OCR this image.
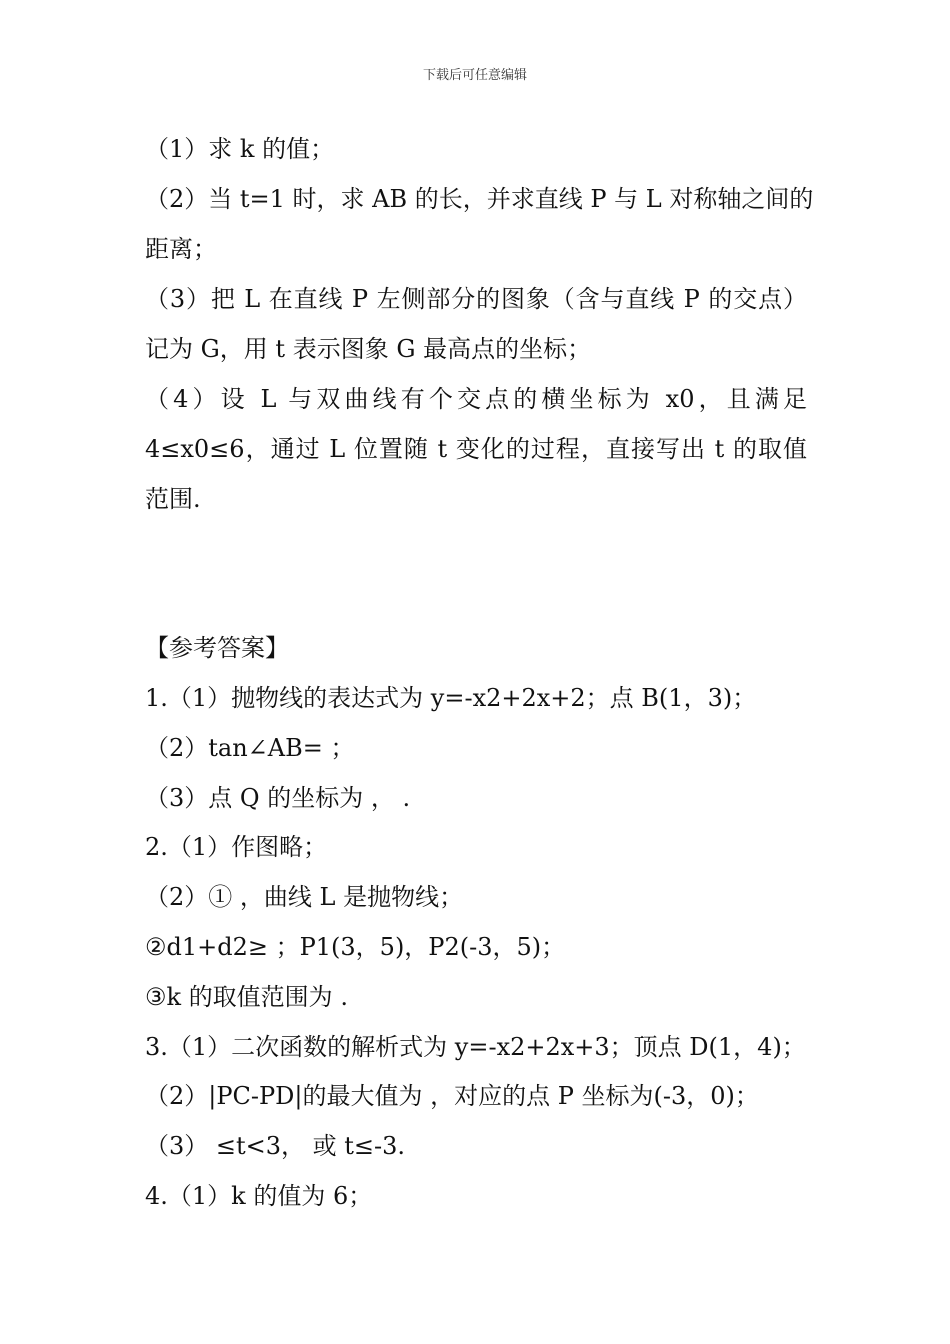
下载后可任意编辑
（1）求 k 的值；
（2）当 t=1 时，求 AB 的长，并求直线 P 与 L 对称轴之间的
距离；
（3）把 L 在直线 P 左侧部分的图象（含与直线 P 的交点）
记为 G，用 t 表示图象 G 最高点的坐标；
（4）设 L 与双曲线有个交点的横坐标为 x0，且满足
4≤x0≤6，通过 L 位置随 t 变化的过程，直接写出 t 的取值
范围.
【参考答案】
1.（1）抛物线的表达式为 y=-x2+2x+2；点 B(1，3)；
（2）tan∠AB= ；
（3）点 Q 的坐标为 ， .
2.（1）作图略；
（2）① ，曲线 L 是抛物线；
②d1+d2≥ ；P1(3，5)，P2(-3，5)；
③k 的取值范围为 .
3.（1）二次函数的解析式为 y=-x2+2x+3；顶点 D(1，4)；
（2）|PC-PD|的最大值为 ，对应的点 P 坐标为(-3，0)；
（3） ≤t<3， 或 t≤-3.
4.（1）k 的值为 6；
